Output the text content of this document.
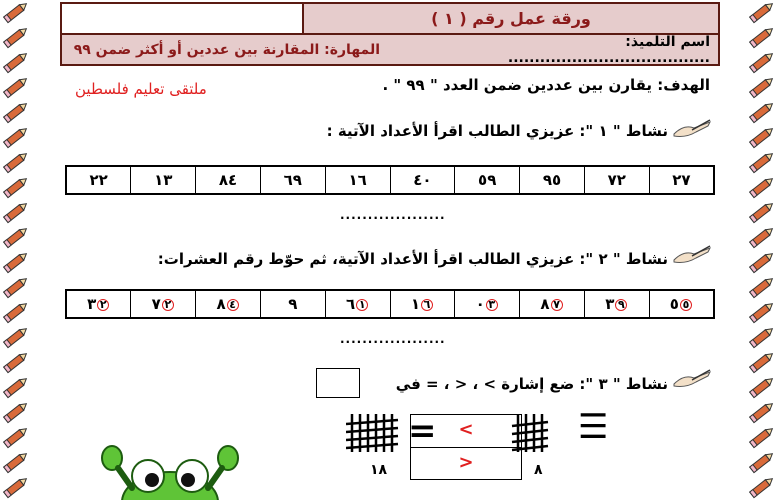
ورقة عمل رقم ( ١ )
اسم التلميذ: ......................................
المهارة: المقارنة بين عددين أو أكثر ضمن ٩٩
الهدف: يقارن بين عددين ضمن العدد " ٩٩ " .
ملتقى تعليم فلسطين
نشاط " ١ ": عزيزي الطالب اقرأ الأعداد الآتية :
٢٧	٧٢	٩٥	٥٩	٤٠	١٦	٦٩	٨٤	١٣	٢٢
...................
نشاط " ٢ ": عزيزي الطالب اقرأ الأعداد الآتية، ثم حوّط رقم العشرات:
٥٥	٩٣	٧٨	٣٠	٦١	١٦	٩	٤٨	٢٧	٢٣
...................
نشاط " ٣ ": ضع إشارة > ، < ، = في
☰
<
>
=
٨
١٨
